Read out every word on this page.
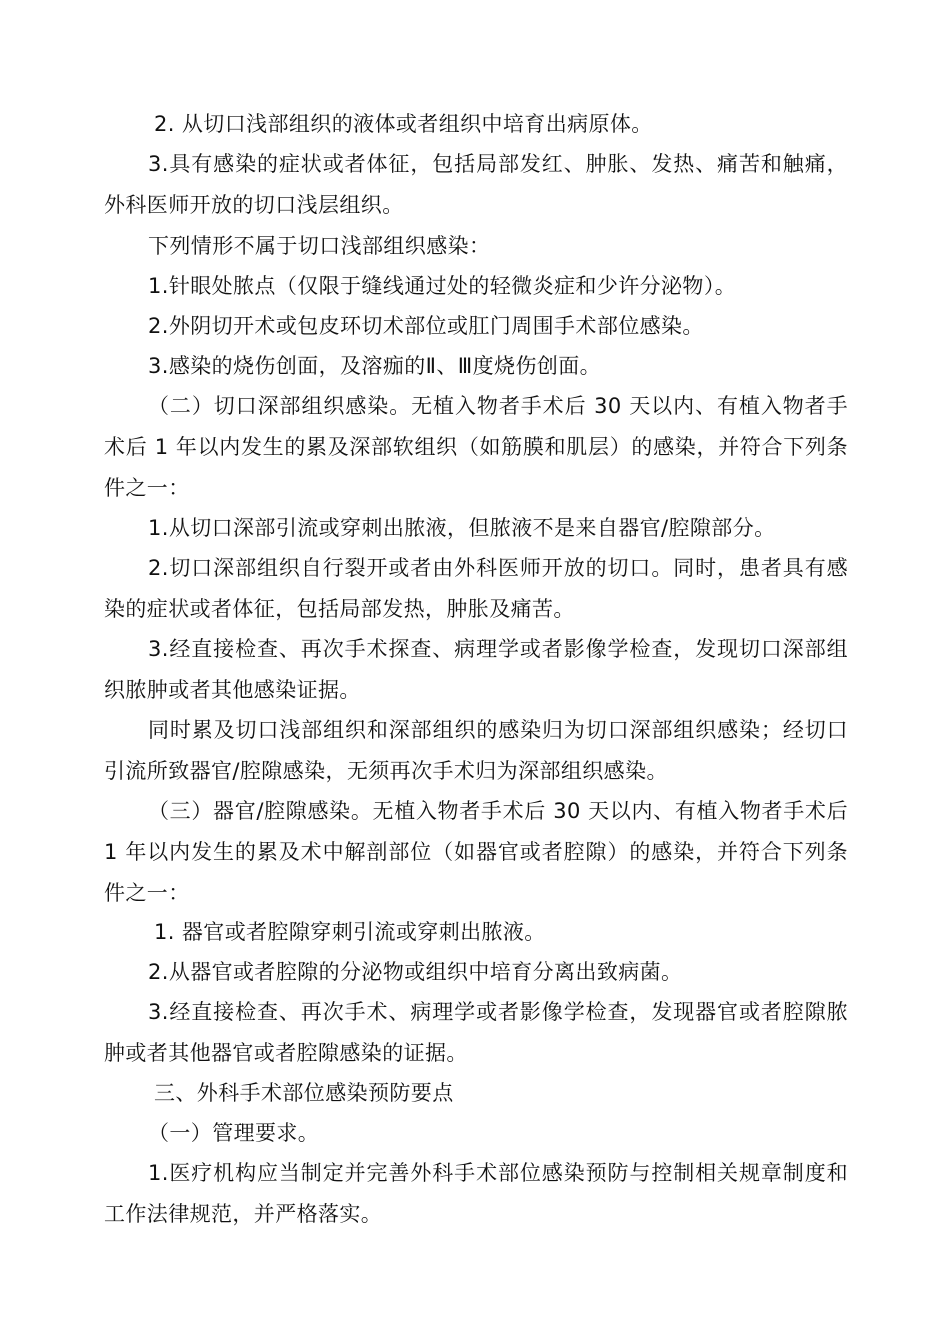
2. 从切口浅部组织的液体或者组织中培育出病原体。

3.具有感染的症状或者体征，包括局部发红、肿胀、发热、痛苦和触痛，外科医师开放的切口浅层组织。

下列情形不属于切口浅部组织感染：

1.针眼处脓点（仅限于缝线通过处的轻微炎症和少许分泌物）。

2.外阴切开术或包皮环切术部位或肛门周围手术部位感染。

3.感染的烧伤创面，及溶痂的Ⅱ、Ⅲ度烧伤创面。

（二）切口深部组织感染。无植入物者手术后 30 天以内、有植入物者手术后 1 年以内发生的累及深部软组织（如筋膜和肌层）的感染，并符合下列条件之一：

1.从切口深部引流或穿刺出脓液，但脓液不是来自器官/腔隙部分。

2.切口深部组织自行裂开或者由外科医师开放的切口。同时，患者具有感染的症状或者体征，包括局部发热，肿胀及痛苦。

3.经直接检查、再次手术探查、病理学或者影像学检查，发现切口深部组织脓肿或者其他感染证据。

同时累及切口浅部组织和深部组织的感染归为切口深部组织感染；经切口引流所致器官/腔隙感染，无须再次手术归为深部组织感染。

（三）器官/腔隙感染。无植入物者手术后 30 天以内、有植入物者手术后 1 年以内发生的累及术中解剖部位（如器官或者腔隙）的感染，并符合下列条件之一：

1. 器官或者腔隙穿刺引流或穿刺出脓液。

2.从器官或者腔隙的分泌物或组织中培育分离出致病菌。

3.经直接检查、再次手术、病理学或者影像学检查，发现器官或者腔隙脓肿或者其他器官或者腔隙感染的证据。

三、外科手术部位感染预防要点

（一）管理要求。

1.医疗机构应当制定并完善外科手术部位感染预防与控制相关规章制度和工作法律规范，并严格落实。
